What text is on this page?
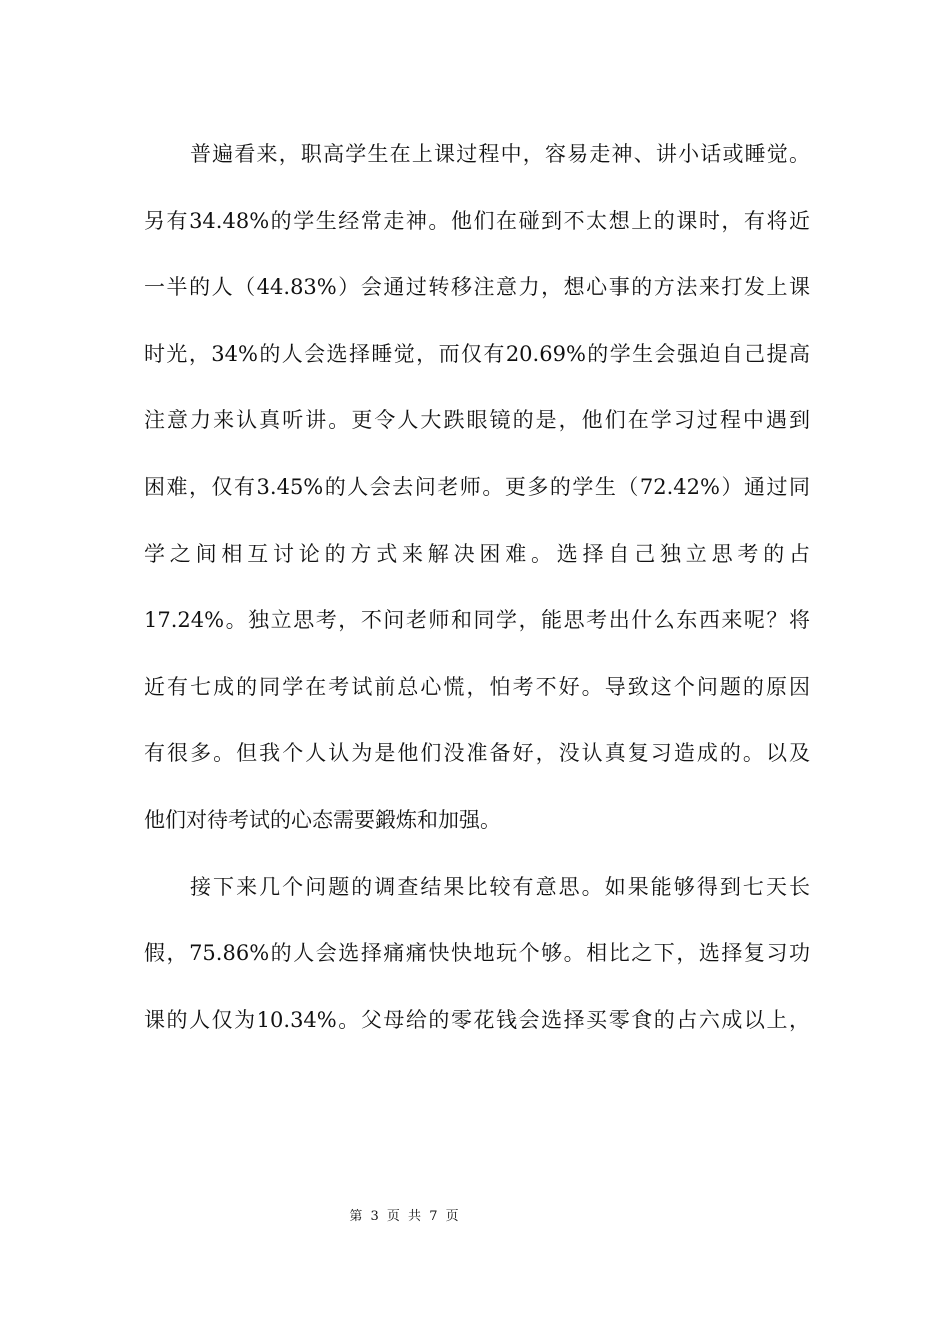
普遍看来，职高学生在上课过程中，容易走神、讲小话或睡觉。
另有34.48%的学生经常走神。他们在碰到不太想上的课时，有将近
一半的人（44.83%）会通过转移注意力，想心事的方法来打发上课
时光，34%的人会选择睡觉，而仅有20.69%的学生会强迫自己提高
注意力来认真听讲。更令人大跌眼镜的是，他们在学习过程中遇到
困难，仅有3.45%的人会去问老师。更多的学生（72.42%）通过同
学之间相互讨论的方式来解决困难。选择自己独立思考的占
17.24%。独立思考，不问老师和同学，能思考出什么东西来呢？将
近有七成的同学在考试前总心慌，怕考不好。导致这个问题的原因
有很多。但我个人认为是他们没准备好，没认真复习造成的。以及
他们对待考试的心态需要鍛炼和加强。
接下来几个问题的调查结果比较有意思。如果能够得到七天长
假，75.86%的人会选择痛痛快快地玩个够。相比之下，选择复习功
课的人仅为10.34%。父母给的零花钱会选择买零食的占六成以上，
第 3 页 共 7 页
